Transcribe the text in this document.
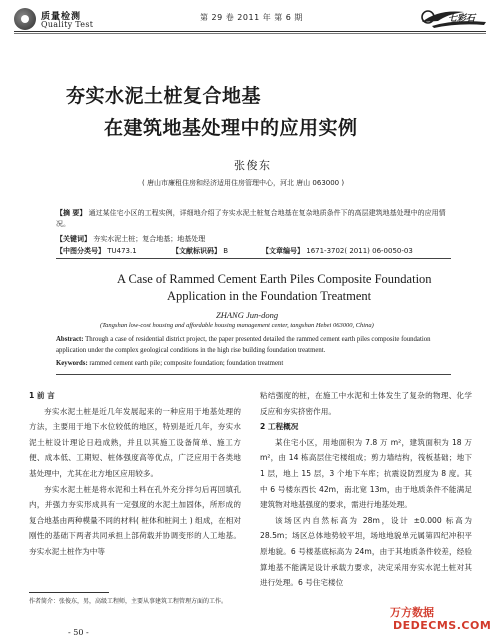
质量检测
Quality Test
第 29 卷 2011 年 第 6 期	七彩石
夯实水泥土桩复合地基
在建筑地基处理中的应用实例
张俊东
( 唐山市廉租住房和经济适用住房管理中心，河北 唐山 063000 )
【摘 要】 通过某住宅小区的工程实例，详细地介绍了夯实水泥土桩复合地基在复杂地质条件下的高层建筑地基处理中的应用情况。
【关键词】 夯实水泥土桩；复合地基；地基处理
【中图分类号】 TU473.1	【文献标识码】 B	【文章编号】 1671-3702( 2011) 06-0050-03
A Case of Rammed Cement Earth Piles Composite Foundation
Application in the Foundation Treatment
ZHANG Jun-dong
(Tangshan low-cost housing and affordable housing management center, tangshan Hebei 063000, China)
Abstract: Through a case of residential district project, the paper presented detailed the rammed cement earth piles composite foundation application under the complex geological conditions in the high rise building foundation treatment.
Keywords: rammed cement earth pile; composite foundation; foundation treatment

1 前 言

夯实水泥土桩是近几年发展起来的一种应用于地基处理的方法，主要用于地下水位较低的地区，特别是近几年，夯实水泥土桩设计理论日趋成熟，并且以其施工设备简单、施工方便、成本低、工期短、桩体强度高等优点，广泛应用于各类地基处理中，尤其在北方地区应用较多。

夯实水泥土桩是将水泥和土料在孔外充分拌匀后再回填孔内，并强力夯实形成具有一定强度的水泥土加固体，所形成的复合地基由两种模量不同的材料( 桩体和桩间土 ) 组成，在相对刚性的基础下两者共同承担上部荷载并协调变形的人工地基。夯实水泥土桩作为中等

粘结强度的桩，在施工中水泥和土体发生了复杂的物理、化学反应和夯实挤密作用。

2 工程概况

某住宅小区，用地面积为 7.8 万 m²，建筑面积为 18 万 m²，由 14 栋高层住宅楼组成；剪力墙结构，筏板基础；地下 1 层，地上 15 层，3 个地下车库；抗震设防烈度为 8 度。其中 6 号楼东西长 42m，南北宽 13m，由于地质条件不能满足建筑物对地基强度的要求，需进行地基处理。

该场区内自然标高为 28m，设计 ±0.000 标高为 28.5m；场区总体地势较平坦，场地地貌单元属第四纪冲积平原地貌。6 号楼基底标高为 24m，由于其地质条件较差，经验算地基不能满足设计承载力要求，决定采用夯实水泥土桩对其进行处理。6 号住宅楼位

作者简介：张俊东，男，高级工程师，主要从事建筑工程管理方面的工作。
- 50 -
万方数据
DEDECMS.COM
